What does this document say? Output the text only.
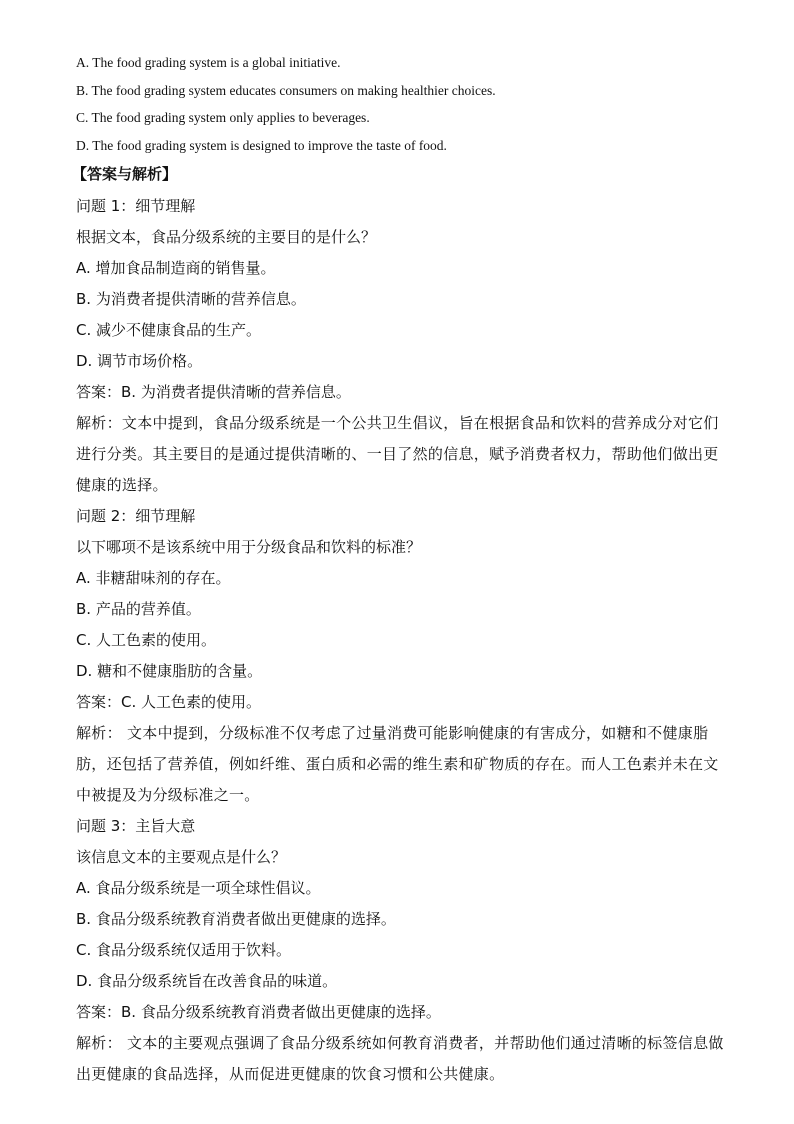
A. The food grading system is a global initiative.
B. The food grading system educates consumers on making healthier choices.
C. The food grading system only applies to beverages.
D. The food grading system is designed to improve the taste of food.
【答案与解析】
问题 1：细节理解
根据文本，食品分级系统的主要目的是什么？
A. 增加食品制造商的销售量。
B. 为消费者提供清晰的营养信息。
C. 减少不健康食品的生产。
D. 调节市场价格。
答案：B. 为消费者提供清晰的营养信息。
解析：文本中提到，食品分级系统是一个公共卫生倡议，旨在根据食品和饮料的营养成分对它们进行分类。其主要目的是通过提供清晰的、一目了然的信息，赋予消费者权力，帮助他们做出更健康的选择。
问题 2：细节理解
以下哪项不是该系统中用于分级食品和饮料的标准？
A. 非糖甜味剂的存在。
B. 产品的营养值。
C. 人工色素的使用。
D. 糖和不健康脂肪的含量。
答案：C. 人工色素的使用。
解析： 文本中提到，分级标准不仅考虑了过量消费可能影响健康的有害成分，如糖和不健康脂肪，还包括了营养值，例如纤维、蛋白质和必需的维生素和矿物质的存在。而人工色素并未在文中被提及为分级标准之一。
问题 3：主旨大意
该信息文本的主要观点是什么？
A. 食品分级系统是一项全球性倡议。
B. 食品分级系统教育消费者做出更健康的选择。
C. 食品分级系统仅适用于饮料。
D. 食品分级系统旨在改善食品的味道。
答案：B. 食品分级系统教育消费者做出更健康的选择。
解析： 文本的主要观点强调了食品分级系统如何教育消费者，并帮助他们通过清晰的标签信息做出更健康的食品选择，从而促进更健康的饮食习惯和公共健康。
